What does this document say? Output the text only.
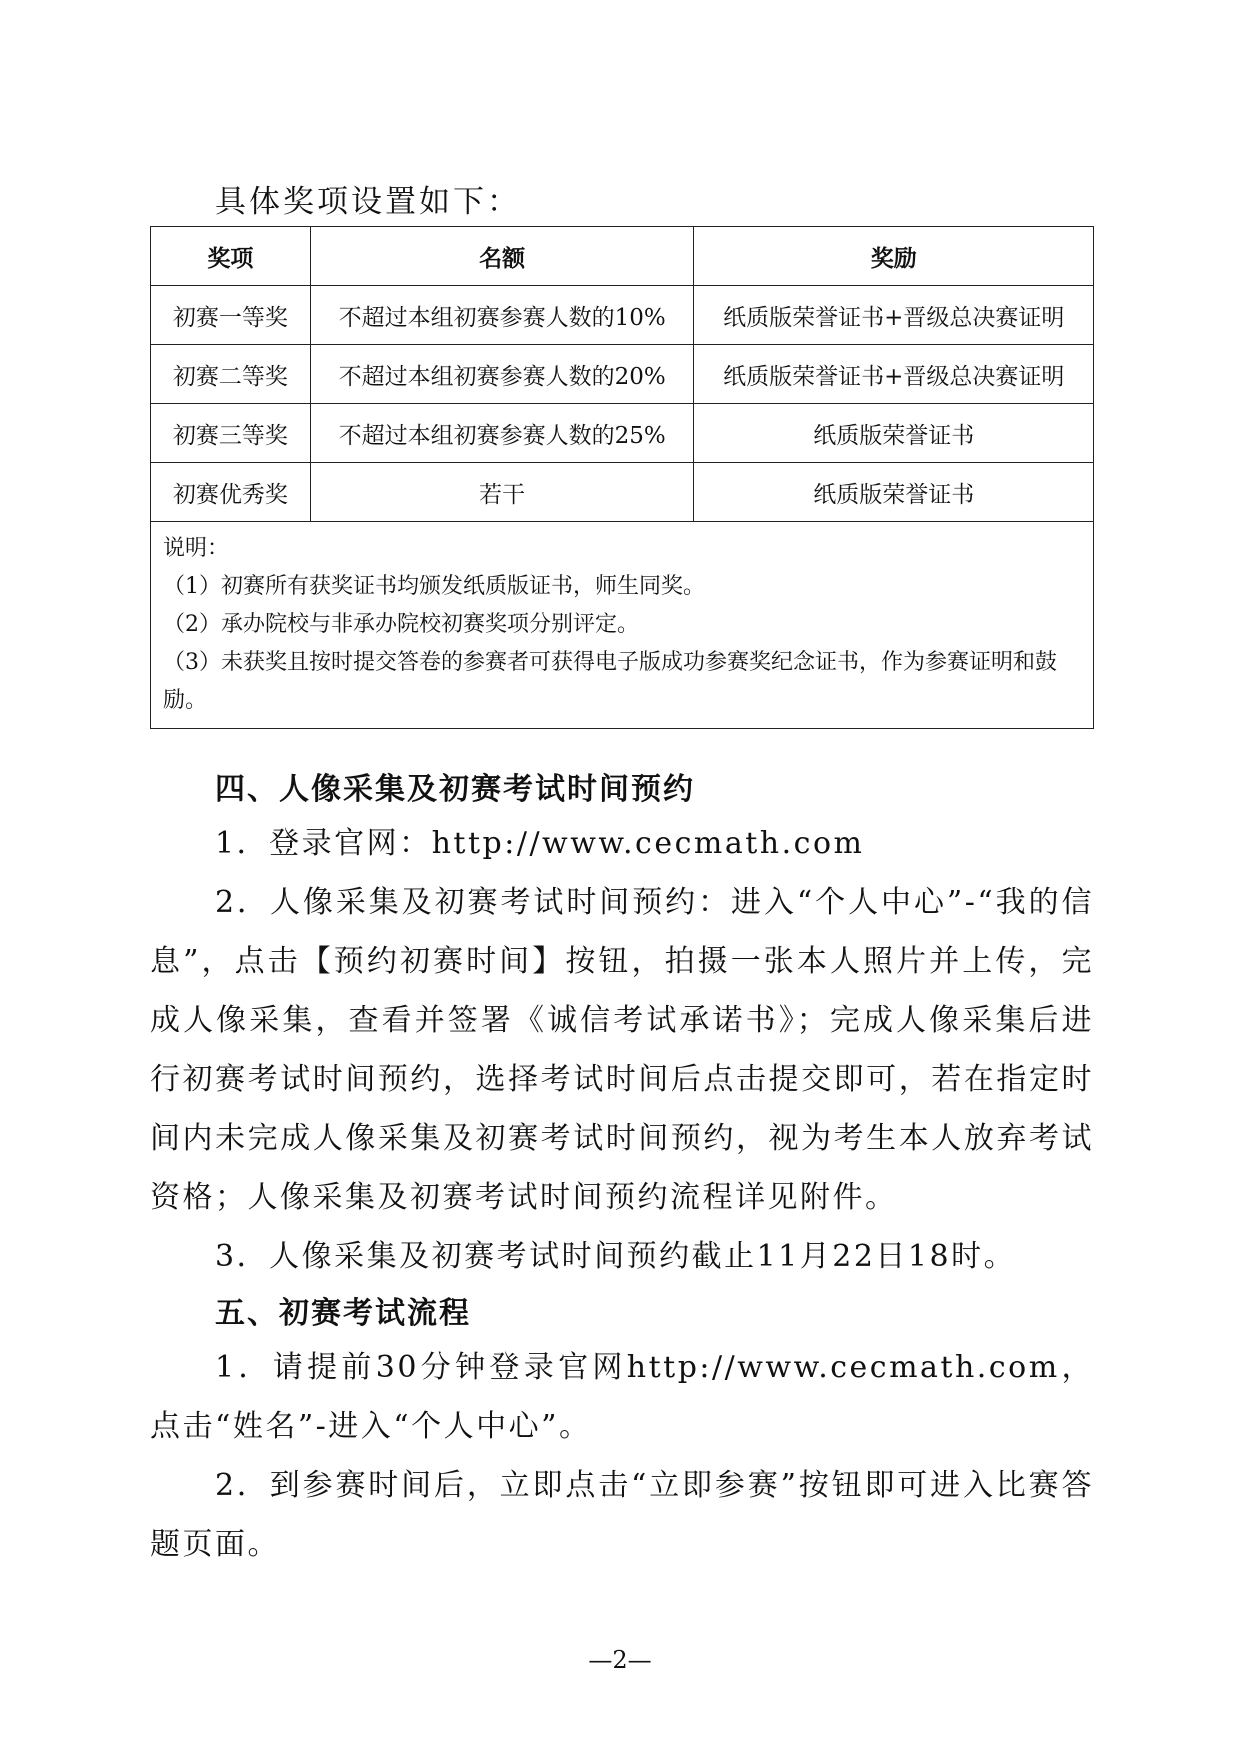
具体奖项设置如下：

奖项	名额	奖励
初赛一等奖	不超过本组初赛参赛人数的10%	纸质版荣誉证书+晋级总决赛证明
初赛二等奖	不超过本组初赛参赛人数的20%	纸质版荣誉证书+晋级总决赛证明
初赛三等奖	不超过本组初赛参赛人数的25%	纸质版荣誉证书
初赛优秀奖	若干	纸质版荣誉证书

说明：
（1）初赛所有获奖证书均颁发纸质版证书，师生同奖。
（2）承办院校与非承办院校初赛奖项分别评定。
（3）未获奖且按时提交答卷的参赛者可获得电子版成功参赛奖纪念证书，作为参赛证明和鼓励。		

四、人像采集及初赛考试时间预约

1．登录官网：http://www.cecmath.com

2．人像采集及初赛考试时间预约：进入“个人中心”-“我的信息”，点击【预约初赛时间】按钮，拍摄一张本人照片并上传，完成人像采集，查看并签署《诚信考试承诺书》；完成人像采集后进行初赛考试时间预约，选择考试时间后点击提交即可，若在指定时间内未完成人像采集及初赛考试时间预约，视为考生本人放弃考试资格；人像采集及初赛考试时间预约流程详见附件。

3．人像采集及初赛考试时间预约截止11月22日18时。

五、初赛考试流程

1．请提前30分钟登录官网http://www.cecmath.com，点击“姓名”-进入“个人中心”。

2．到参赛时间后，立即点击“立即参赛”按钮即可进入比赛答题页面。

—2—
